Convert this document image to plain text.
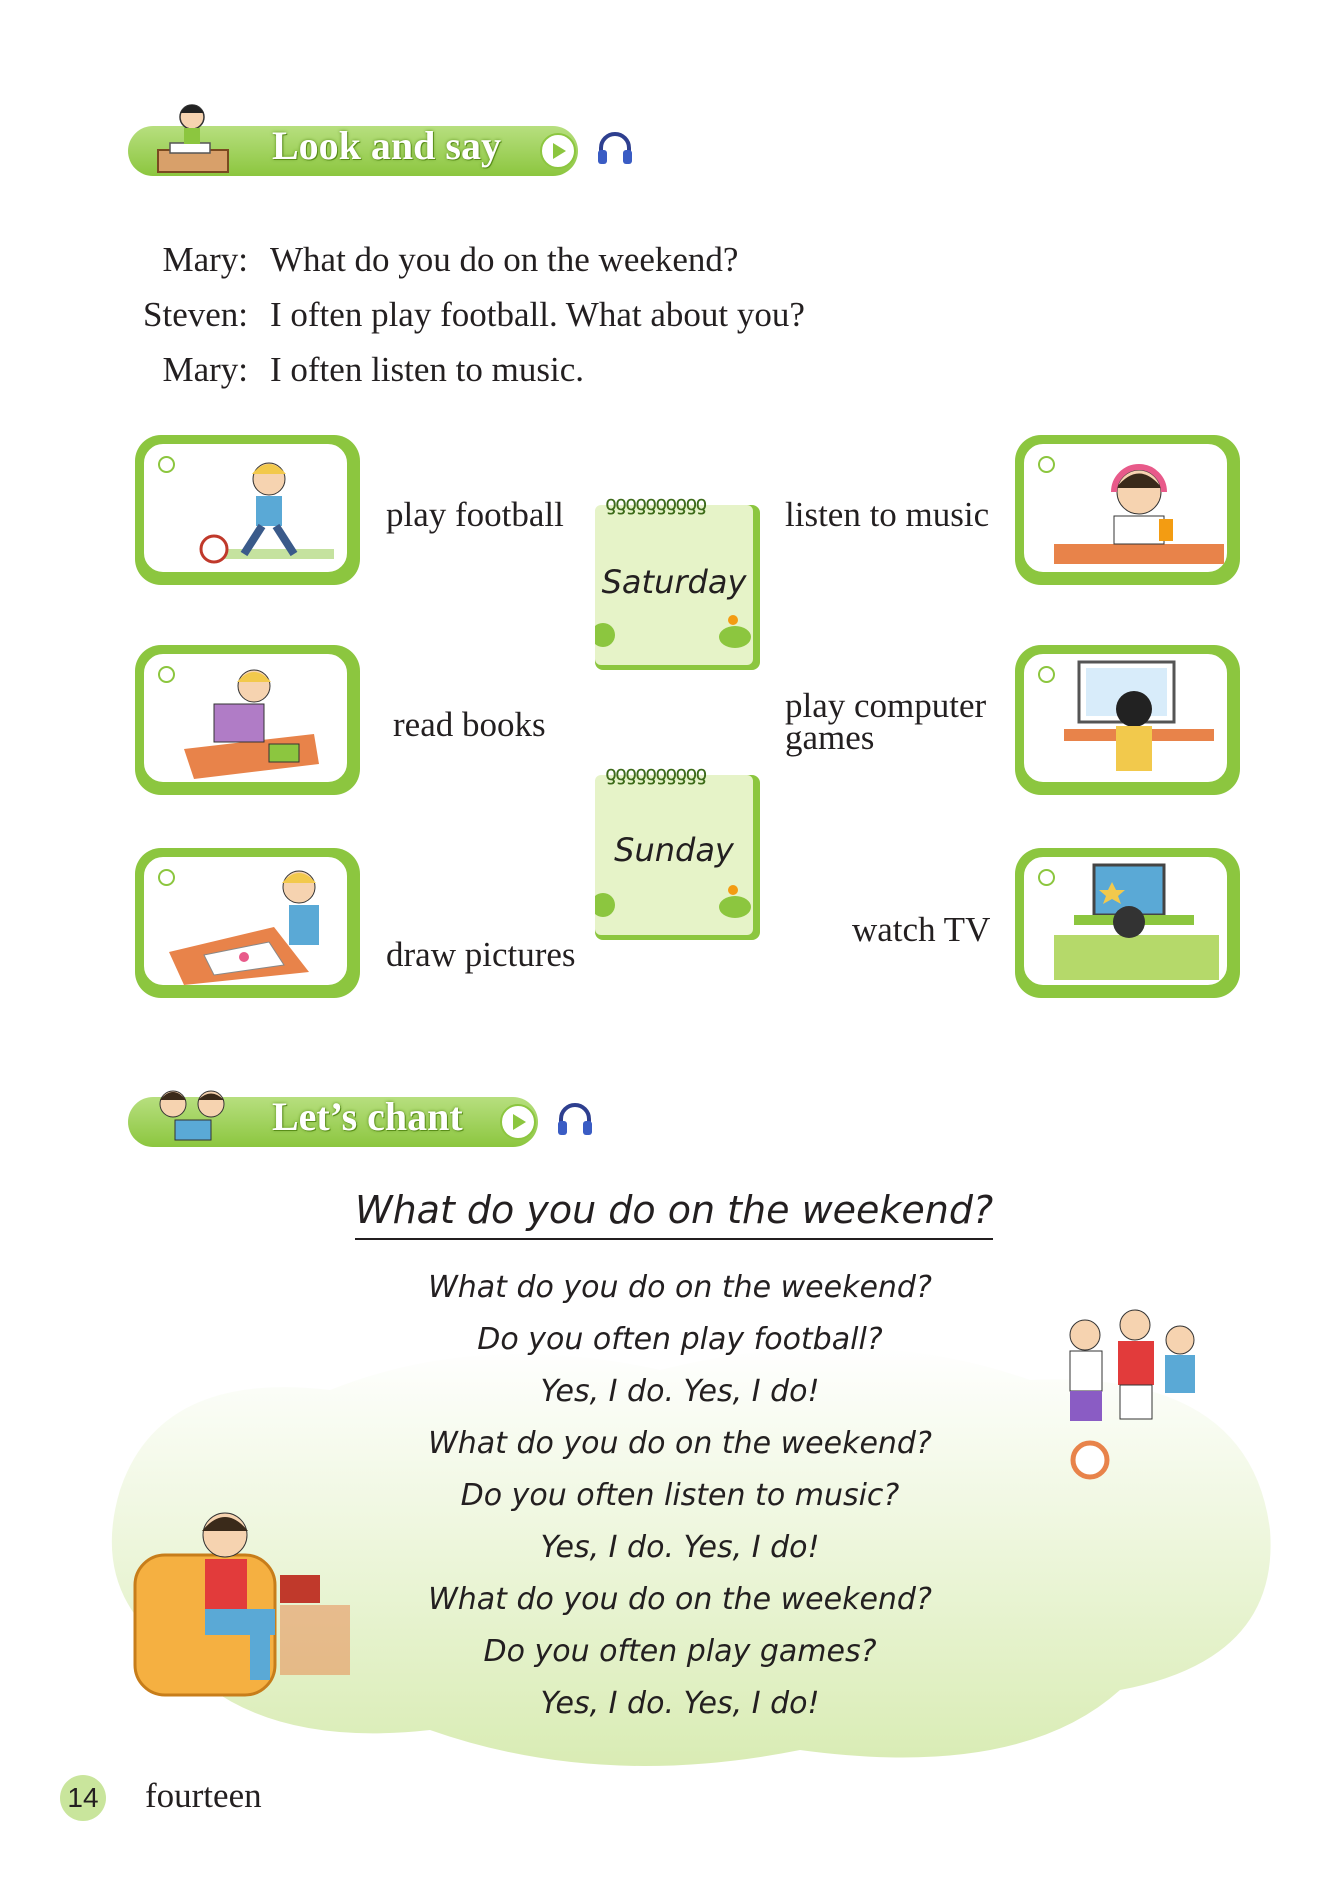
Look and say
Mary: What do you do on the weekend?
Steven: I often play football. What about you?
Mary: I often listen to music.
play football
read books
draw pictures
ƍƍƍƍƍƍƍƍƍƍ
Saturday
ƍƍƍƍƍƍƍƍƍƍ
Sunday
listen to music
play computer games
watch TV
Let’s chant
What do you do on the weekend?
What do you do on the weekend?
Do you often play football?
Yes, I do. Yes, I do!
What do you do on the weekend?
Do you often listen to music?
Yes, I do. Yes, I do!
What do you do on the weekend?
Do you often play games?
Yes, I do. Yes, I do!
14 fourteen
